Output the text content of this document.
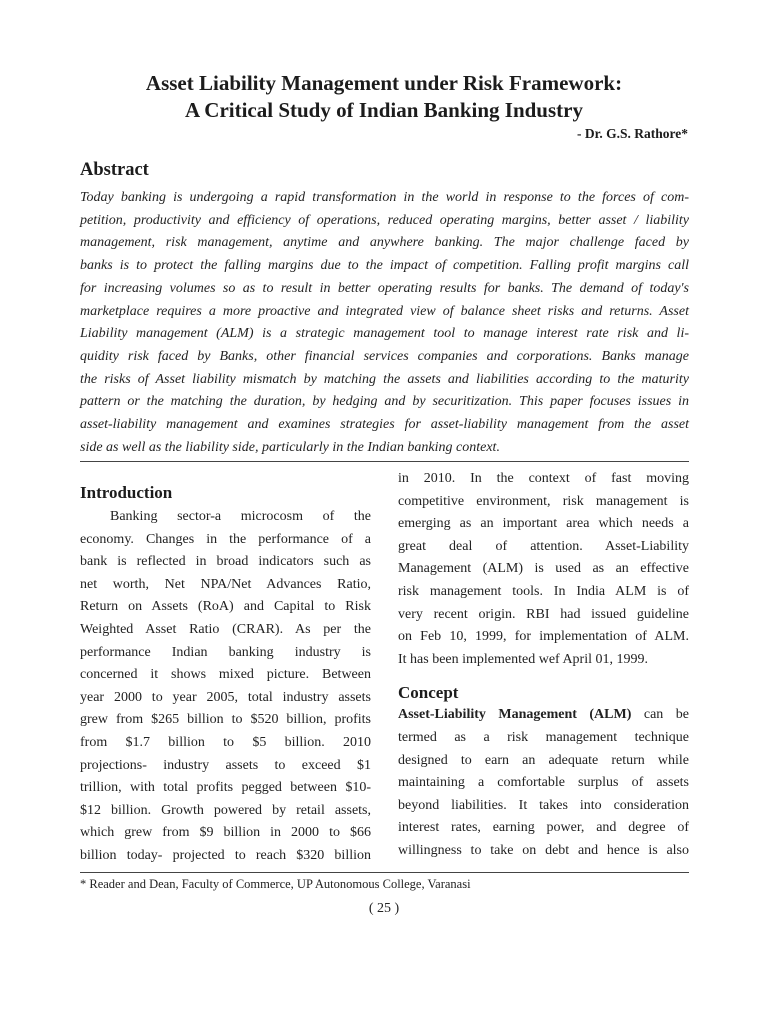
Asset Liability Management under Risk Framework:
A Critical Study of Indian Banking Industry
- Dr. G.S. Rathore*
Abstract
Today banking is undergoing a rapid transformation in the world in response to the forces of com-
petition, productivity and efficiency of operations, reduced operating margins, better asset / liability
management, risk management, anytime and anywhere banking. The major challenge faced by
banks is to protect the falling margins due to the impact of competition. Falling profit margins call
for increasing volumes so as to result in better operating results for banks. The demand of today's
marketplace requires a more proactive and integrated view of balance sheet risks and returns. Asset
Liability management (ALM) is a strategic management tool to manage interest rate risk and li-
quidity risk faced by Banks, other financial services companies and corporations. Banks manage
the risks of Asset liability mismatch by matching the assets and liabilities according to the maturity
pattern or the matching the duration, by hedging and by securitization. This paper focuses issues in
asset-liability management and examines strategies for asset-liability management from the asset
side as well as the liability side, particularly in the Indian banking context.
Introduction
Banking sector-a microcosm of the
economy. Changes in the performance of a
bank is reflected in broad indicators such as
net worth, Net NPA/Net Advances Ratio,
Return on Assets (RoA) and Capital to Risk
Weighted Asset Ratio (CRAR). As per the
performance Indian banking industry is
concerned it shows mixed picture. Between
year 2000 to year 2005, total industry assets
grew from $265 billion to $520 billion, profits
from $1.7 billion to $5 billion. 2010
projections- industry assets to exceed $1
trillion, with total profits pegged between $10-
$12 billion. Growth powered by retail assets,
which grew from $9 billion in 2000 to $66
billion today- projected to reach $320 billion
in 2010. In the context of fast moving
competitive environment, risk management is
emerging as an important area which needs a
great deal of attention. Asset-Liability
Management (ALM) is used as an effective
risk management tools. In India ALM is of
very recent origin. RBI had issued guideline
on Feb 10, 1999, for implementation of ALM.
It has been implemented wef April 01, 1999.
Concept
Asset-Liability Management (ALM) can be
termed as a risk management technique
designed to earn an adequate return while
maintaining a comfortable surplus of assets
beyond liabilities. It takes into consideration
interest rates, earning power, and degree of
willingness to take on debt and hence is also
* Reader and Dean, Faculty of Commerce, UP Autonomous College, Varanasi
( 25 )
